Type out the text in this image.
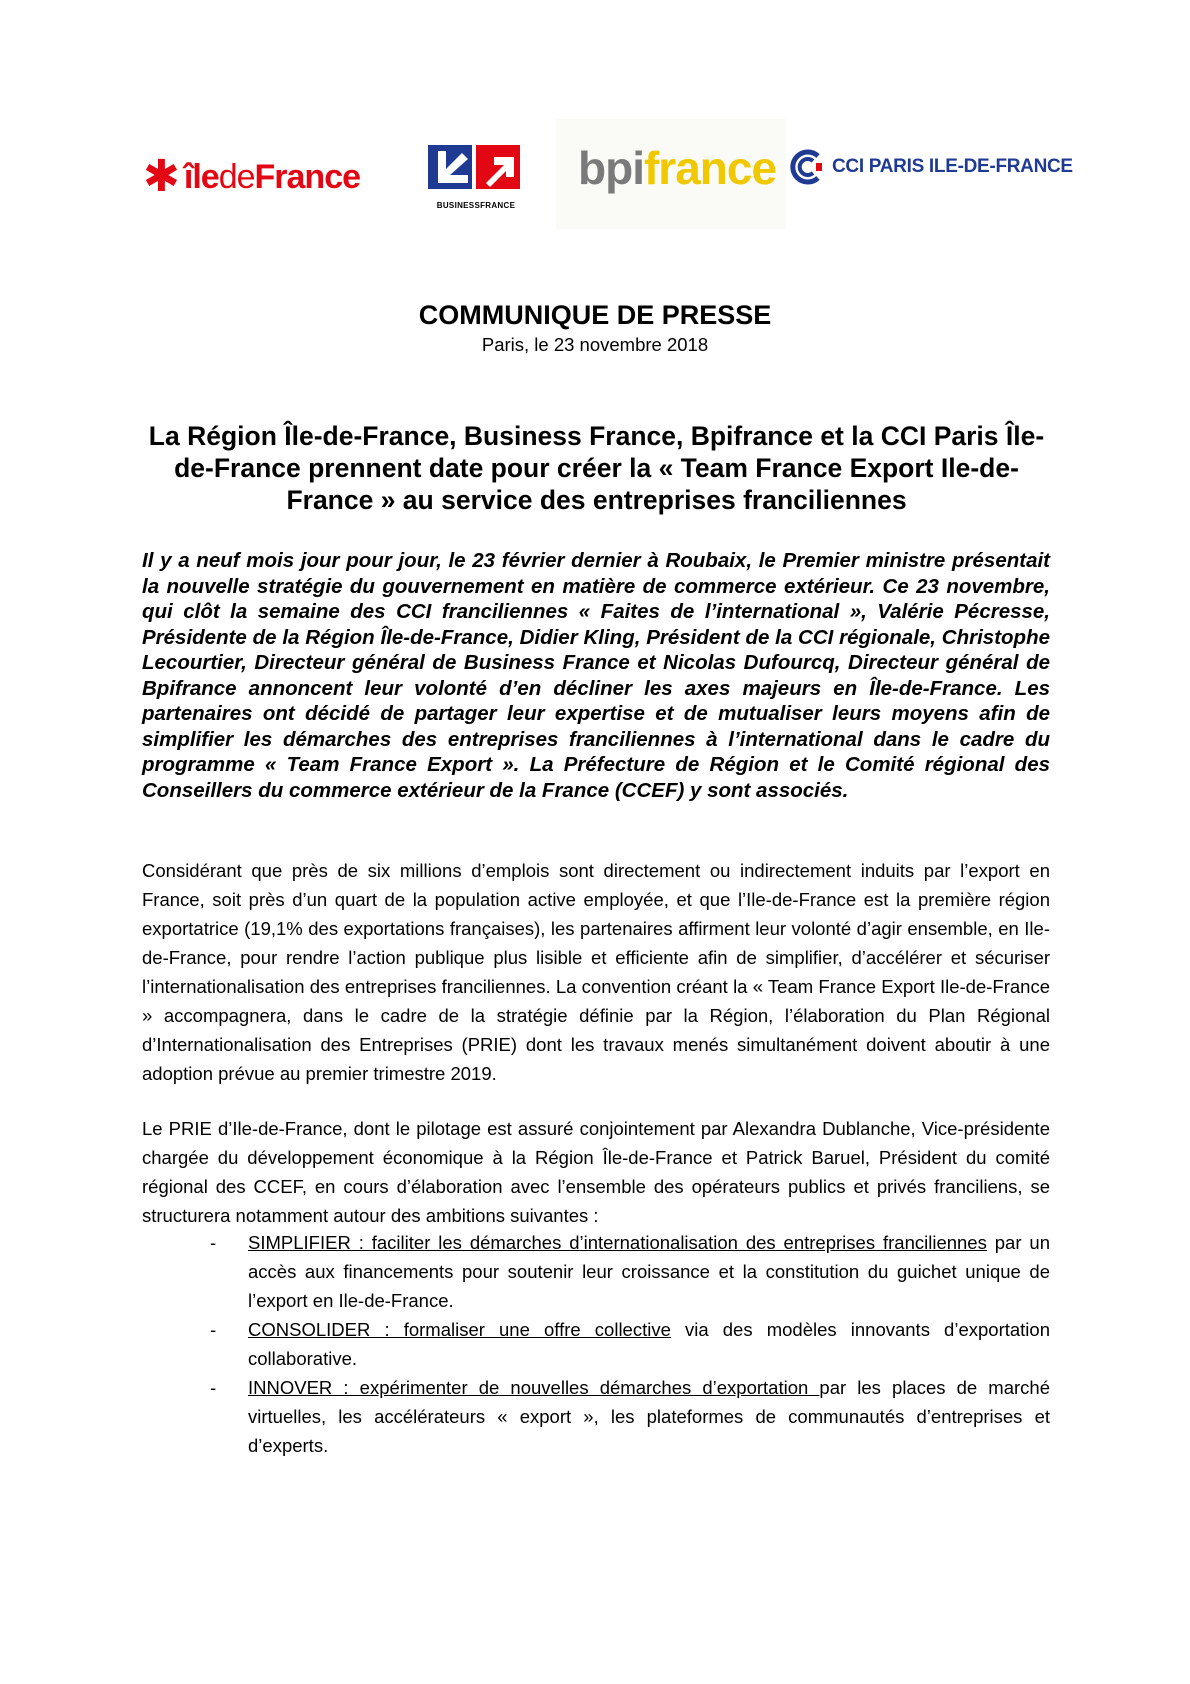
✱ îledeFrance
BUSINESSFRANCE
bpifrance	CCI PARIS ILE-DE-FRANCE
COMMUNIQUE DE PRESSE
Paris, le 23 novembre 2018
La Région Île-de-France, Business France, Bpifrance et la CCI Paris Île-de-France prennent date pour créer la « Team France Export Ile-de-France » au service des entreprises franciliennes
Il y a neuf mois jour pour jour, le 23 février dernier à Roubaix, le Premier ministre présentait la nouvelle stratégie du gouvernement en matière de commerce extérieur. Ce 23 novembre, qui clôt la semaine des CCI franciliennes « Faites de l’international », Valérie Pécresse, Présidente de la Région Île-de-France, Didier Kling, Président de la CCI régionale, Christophe Lecourtier, Directeur général de Business France et Nicolas Dufourcq, Directeur général de Bpifrance annoncent leur volonté d’en décliner les axes majeurs en Île-de-France. Les partenaires ont décidé de partager leur expertise et de mutualiser leurs moyens afin de simplifier les démarches des entreprises franciliennes à l’international dans le cadre du programme « Team France Export ». La Préfecture de Région et le Comité régional des Conseillers du commerce extérieur de la France (CCEF) y sont associés.
Considérant que près de six millions d’emplois sont directement ou indirectement induits par l’export en France, soit près d’un quart de la population active employée, et que l’Ile-de-France est la première région exportatrice (19,1% des exportations françaises), les partenaires affirment leur volonté d’agir ensemble, en Ile-de-France, pour rendre l’action publique plus lisible et efficiente afin de simplifier, d’accélérer et sécuriser l’internationalisation des entreprises franciliennes. La convention créant la « Team France Export Ile-de-France » accompagnera, dans le cadre de la stratégie définie par la Région, l’élaboration du Plan Régional d’Internationalisation des Entreprises (PRIE) dont les travaux menés simultanément doivent aboutir à une adoption prévue au premier trimestre 2019.
Le PRIE d’Ile-de-France, dont le pilotage est assuré conjointement par Alexandra Dublanche, Vice-présidente chargée du développement économique à la Région Île-de-France et Patrick Baruel, Président du comité régional des CCEF, en cours d’élaboration avec l’ensemble des opérateurs publics et privés franciliens, se structurera notamment autour des ambitions suivantes :
- SIMPLIFIER : faciliter les démarches d’internationalisation des entreprises franciliennes par un accès aux financements pour soutenir leur croissance et la constitution du guichet unique de l’export en Ile-de-France.
- CONSOLIDER : formaliser une offre collective via des modèles innovants d’exportation collaborative.
- INNOVER : expérimenter de nouvelles démarches d’exportation par les places de marché virtuelles, les accélérateurs « export », les plateformes de communautés d’entreprises et d’experts.
